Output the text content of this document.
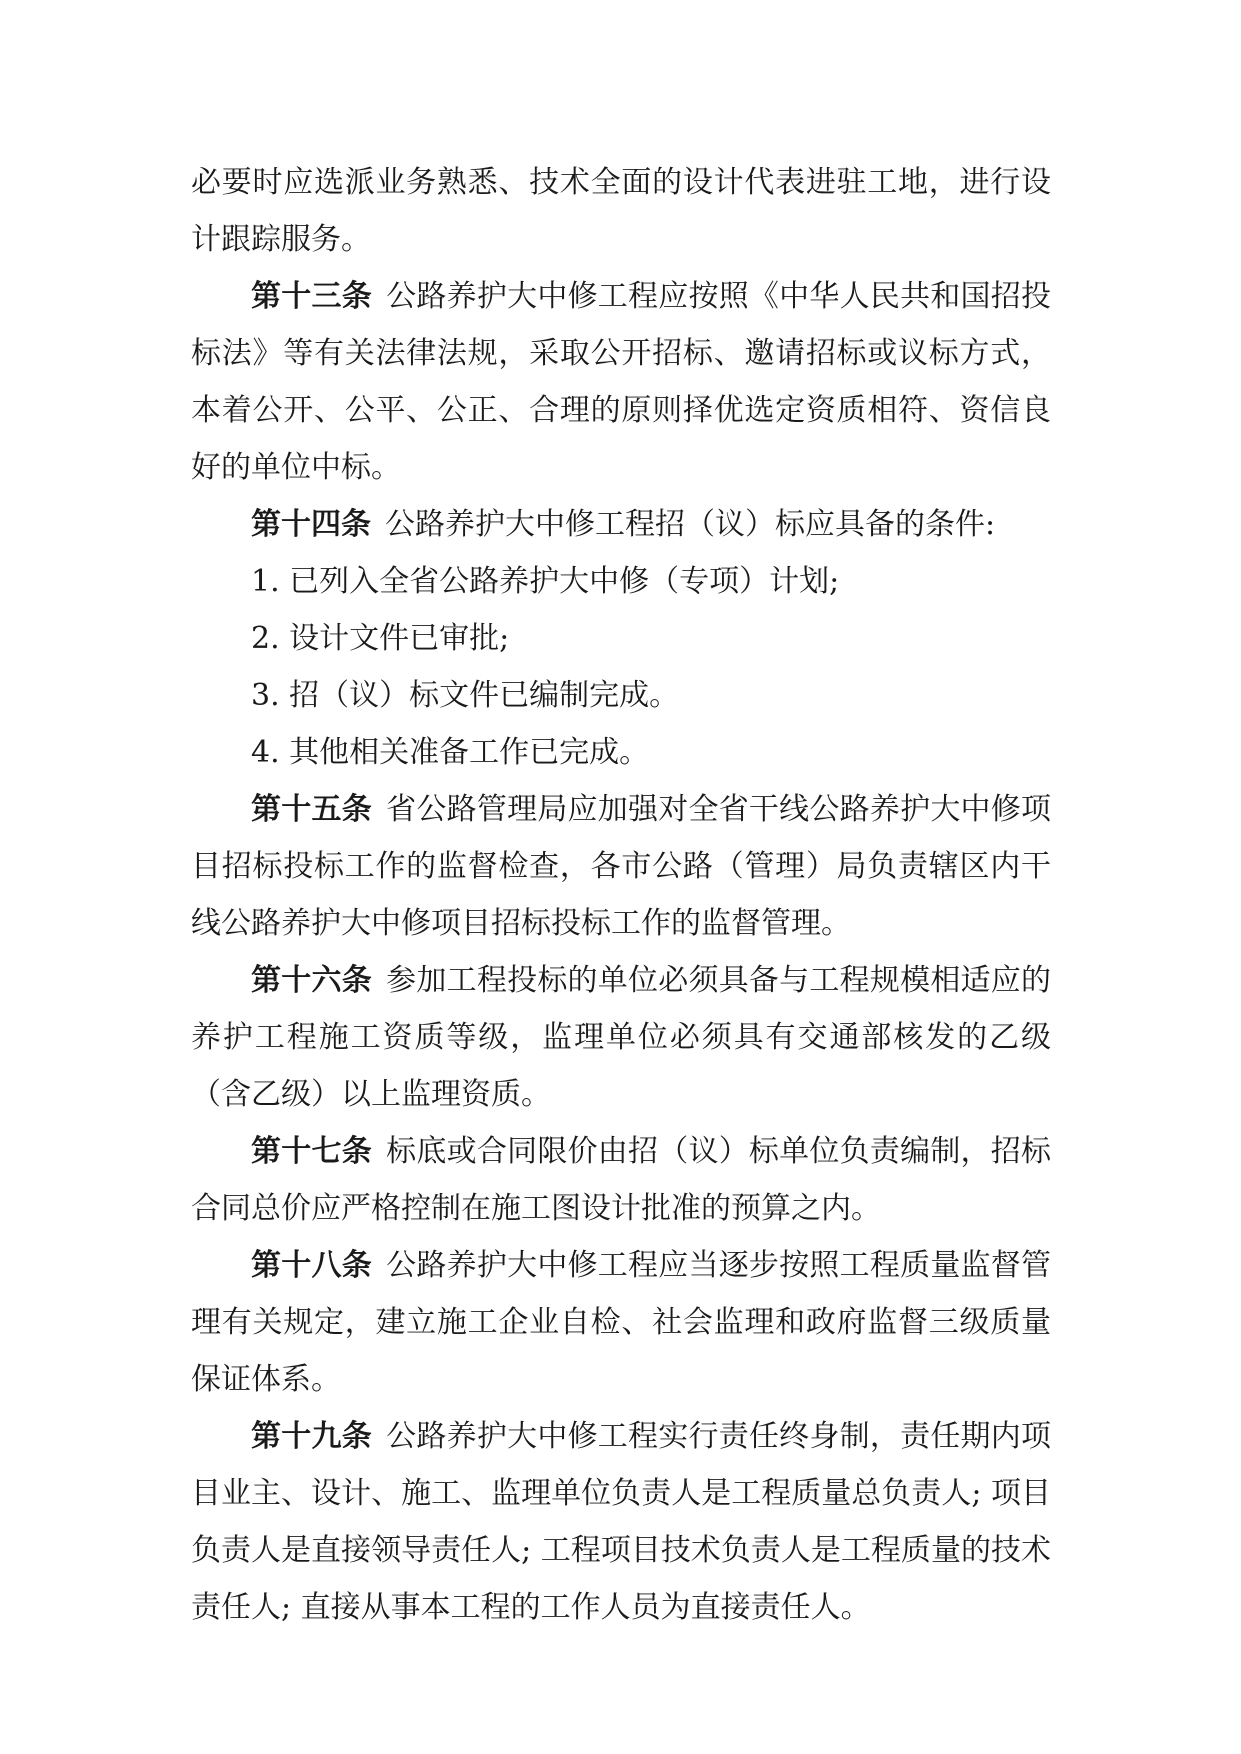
必要时应选派业务熟悉、技术全面的设计代表进驻工地，进行设计跟踪服务。

第十三条 公路养护大中修工程应按照《中华人民共和国招投标法》等有关法律法规，采取公开招标、邀请招标或议标方式，本着公开、公平、公正、合理的原则择优选定资质相符、资信良好的单位中标。

第十四条 公路养护大中修工程招（议）标应具备的条件:

1. 已列入全省公路养护大中修（专项）计划;

2. 设计文件已审批;

3. 招（议）标文件已编制完成。

4. 其他相关准备工作已完成。

第十五条 省公路管理局应加强对全省干线公路养护大中修项目招标投标工作的监督检查，各市公路（管理）局负责辖区内干线公路养护大中修项目招标投标工作的监督管理。

第十六条 参加工程投标的单位必须具备与工程规模相适应的养护工程施工资质等级，监理单位必须具有交通部核发的乙级（含乙级）以上监理资质。

第十七条 标底或合同限价由招（议）标单位负责编制，招标合同总价应严格控制在施工图设计批准的预算之内。

第十八条 公路养护大中修工程应当逐步按照工程质量监督管理有关规定，建立施工企业自检、社会监理和政府监督三级质量保证体系。

第十九条 公路养护大中修工程实行责任终身制，责任期内项目业主、设计、施工、监理单位负责人是工程质量总负责人; 项目负责人是直接领导责任人; 工程项目技术负责人是工程质量的技术责任人; 直接从事本工程的工作人员为直接责任人。
